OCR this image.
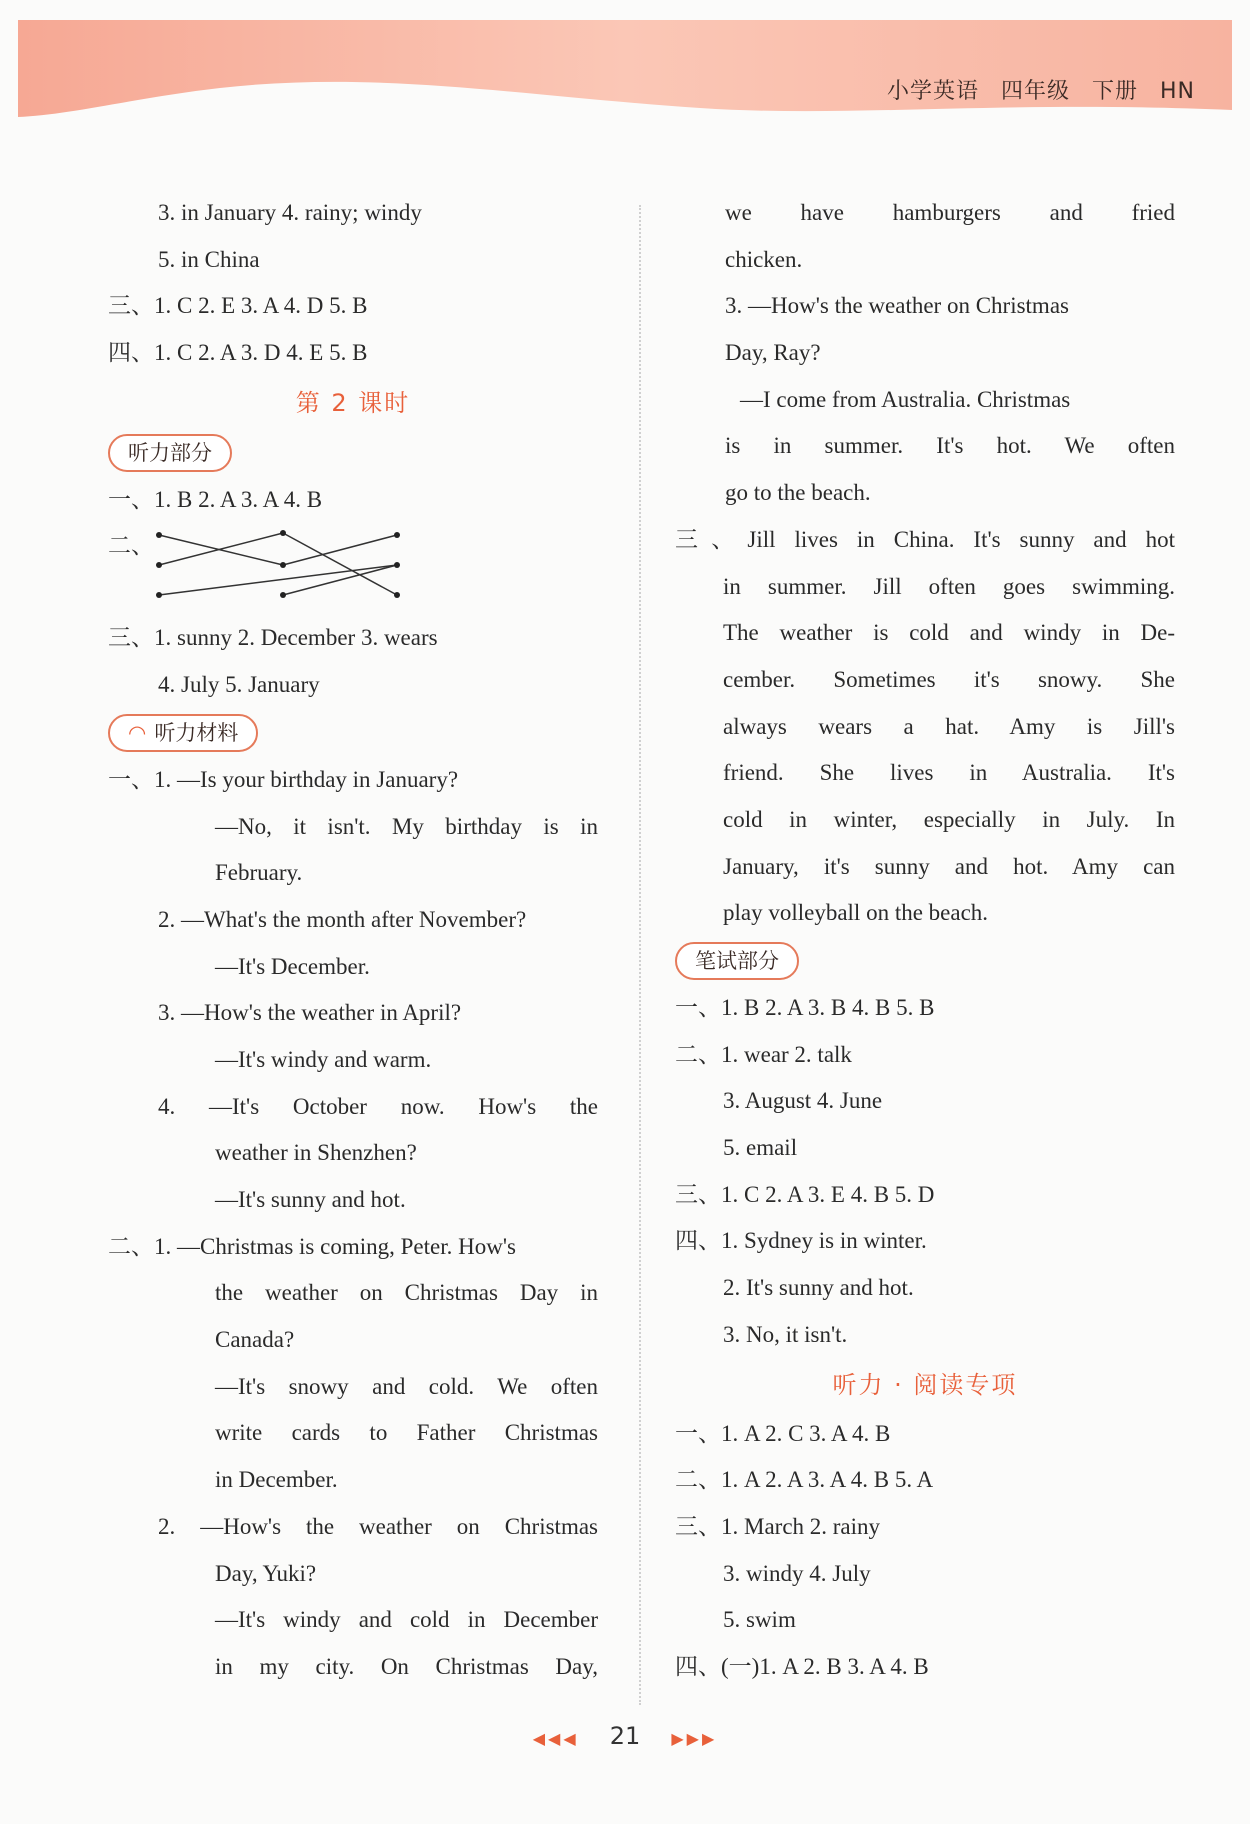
小学英语 四年级 下册 HN
3. in January 4. rainy; windy
5. in China
三、1. C 2. E 3. A 4. D 5. B
四、1. C 2. A 3. D 4. E 5. B
第 2 课时
听力部分
一、1. B 2. A 3. A 4. B
二、
三、1. sunny 2. December 3. wears
4. July 5. January
◠ 听力材料
一、1. —Is your birthday in January?
—No, it isn't. My birthday is in
February.
2. —What's the month after November?
—It's December.
3. —How's the weather in April?
—It's windy and warm.
4. —It's October now. How's the
weather in Shenzhen?
—It's sunny and hot.
二、1. —Christmas is coming, Peter. How's
the weather on Christmas Day in
Canada?
—It's snowy and cold. We often
write cards to Father Christmas
in December.
2. —How's the weather on Christmas
Day, Yuki?
—It's windy and cold in December
in my city. On Christmas Day,
we have hamburgers and fried
chicken.
3. —How's the weather on Christmas
Day, Ray?
—I come from Australia. Christmas
is in summer. It's hot. We often
go to the beach.
三、Jill lives in China. It's sunny and hot
in summer. Jill often goes swimming.
The weather is cold and windy in De-
cember. Sometimes it's snowy. She
always wears a hat. Amy is Jill's
friend. She lives in Australia. It's
cold in winter, especially in July. In
January, it's sunny and hot. Amy can
play volleyball on the beach.
笔试部分
一、1. B 2. A 3. B 4. B 5. B
二、1. wear 2. talk
3. August 4. June
5. email
三、1. C 2. A 3. E 4. B 5. D
四、1. Sydney is in winter.
2. It's sunny and hot.
3. No, it isn't.
听力 · 阅读专项
一、1. A 2. C 3. A 4. B
二、1. A 2. A 3. A 4. B 5. A
三、1. March 2. rainy
3. windy 4. July
5. swim
四、(一)1. A 2. B 3. A 4. B
◀◀◀ 21 ▶▶▶
